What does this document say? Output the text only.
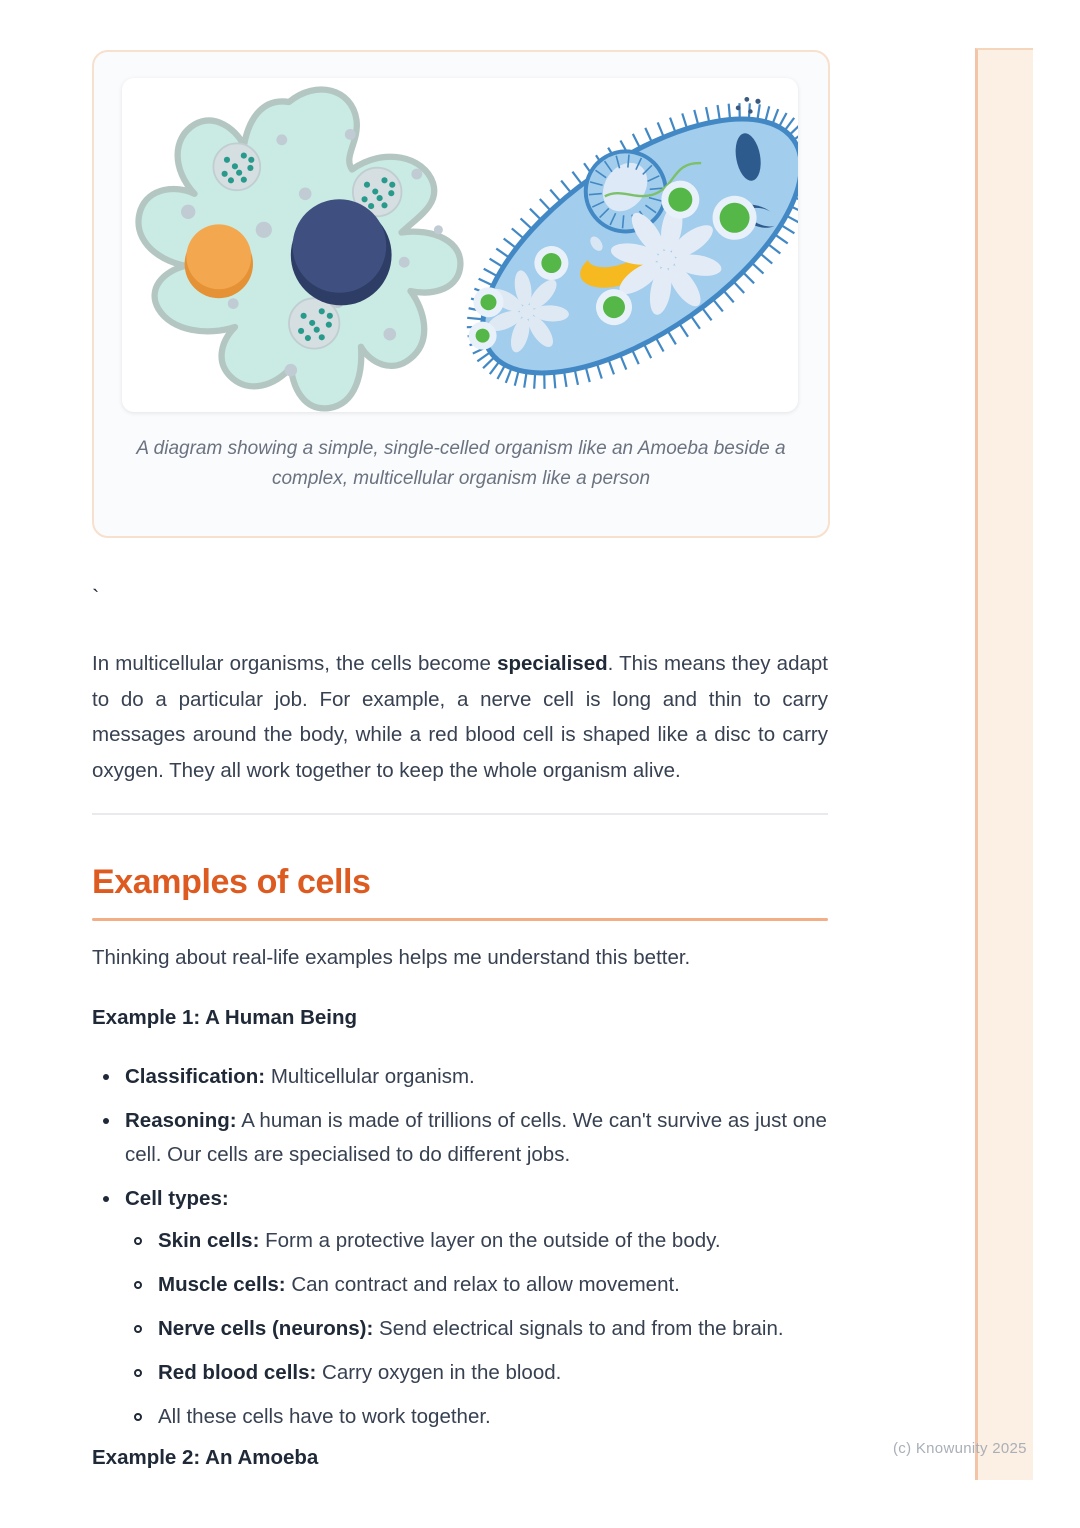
(c) Knowunity 2025
A diagram showing a simple, single-celled organism like an Amoeba beside a complex, multicellular organism like a person
`

In multicellular organisms, the cells become specialised. This means they adapt to do a particular job. For example, a nerve cell is long and thin to carry messages around the body, while a red blood cell is shaped like a disc to carry oxygen. They all work together to keep the whole organism alive.

Examples of cells

Thinking about real-life examples helps me understand this better.

Example 1: A Human Being

Classification: Multicellular organism.
Reasoning: A human is made of trillions of cells. We can't survive as just one cell. Our cells are specialised to do different jobs.
Cell types:
Skin cells: Form a protective layer on the outside of the body.
Muscle cells: Can contract and relax to allow movement.
Nerve cells (neurons): Send electrical signals to and from the brain.
Red blood cells: Carry oxygen in the blood.
All these cells have to work together.

Example 2: An Amoeba
